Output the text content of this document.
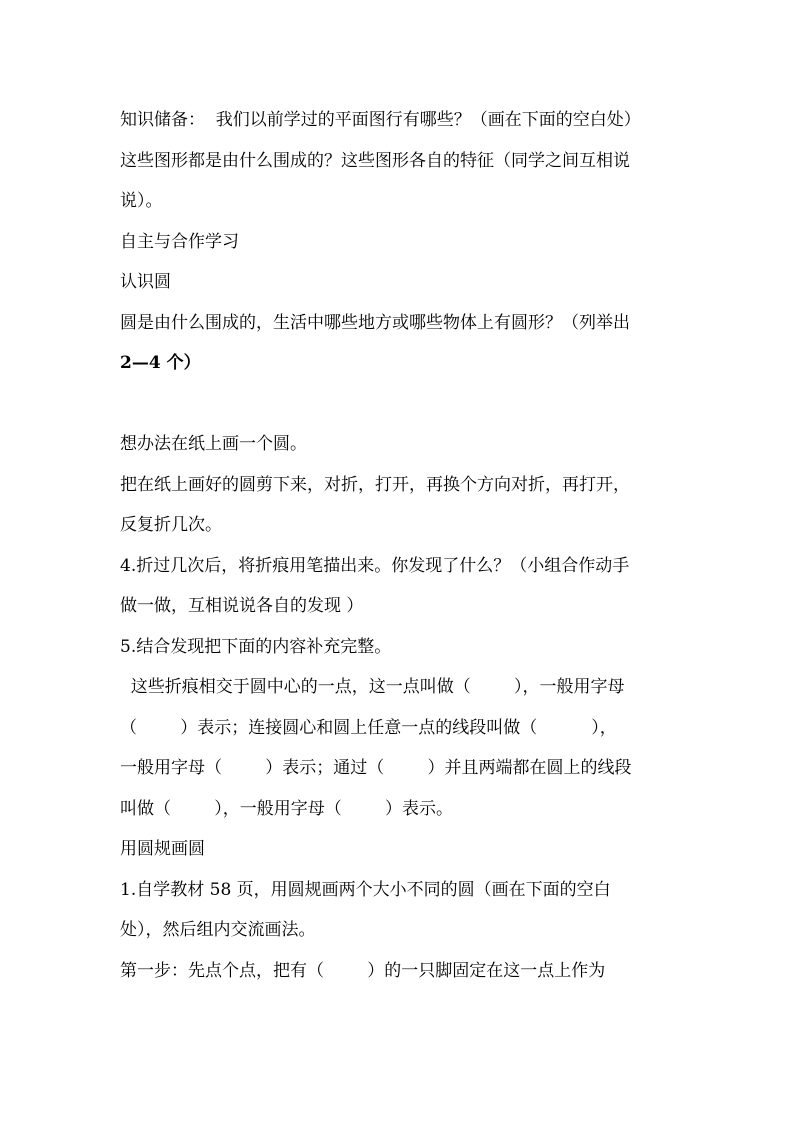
知识储备：  我们以前学过的平面图行有哪些？（画在下面的空白处）
这些图形都是由什么围成的？这些图形各自的特征（同学之间互相说
说）。
自主与合作学习
认识圆
圆是由什么围成的，生活中哪些地方或哪些物体上有圆形？（列举出
2—4 个）
想办法在纸上画一个圆。
把在纸上画好的圆剪下来，对折，打开，再换个方向对折，再打开，
反复折几次。
4.折过几次后，将折痕用笔描出来。你发现了什么？（小组合作动手
做一做，互相说说各自的发现 ）
5.结合发现把下面的内容补充完整。
这些折痕相交于圆中心的一点，这一点叫做（        ），一般用字母
（        ）表示；连接圆心和圆上任意一点的线段叫做（          ），
一般用字母（        ）表示；通过（        ）并且两端都在圆上的线段
叫做（        ），一般用字母（        ）表示。
用圆规画圆
1.自学教材 58 页，用圆规画两个大小不同的圆（画在下面的空白
处），然后组内交流画法。
第一步：先点个点，把有（        ）的一只脚固定在这一点上作为
